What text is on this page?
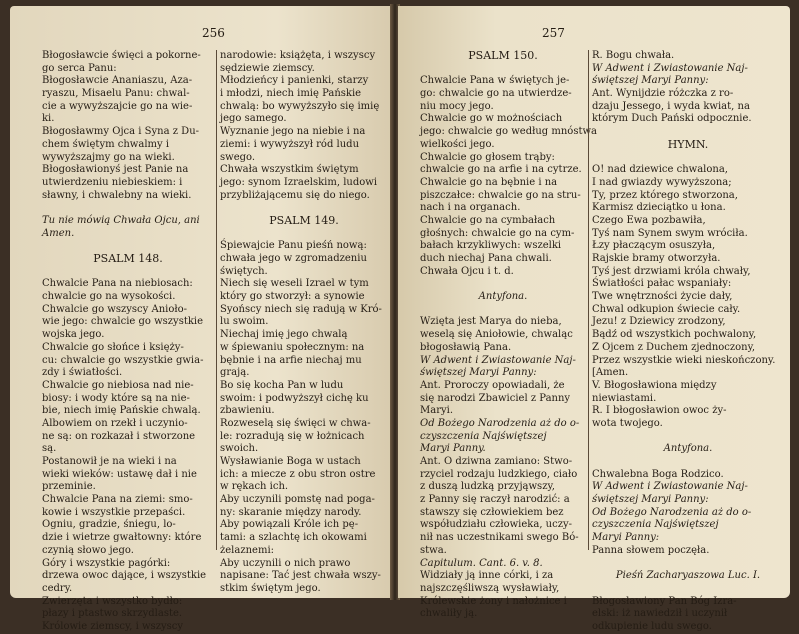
256
Błogosławcie święci a pokorne-
go serca Panu:
Błogosławcie Ananiaszu, Aza-
ryaszu, Misaelu Panu: chwal-
cie a wywyższajcie go na wie-
ki.
Błogosławmy Ojca i Syna z Du-
chem świętym chwalmy i
wywyższajmy go na wieki.
Błogosławionyś jest Panie na
utwierdzeniu niebieskiem: i
sławny, i chwalebny na wieki.
Tu nie mówią Chwała Ojcu, ani
Amen.
PSALM 148.
Chwalcie Pana na niebiosach:
chwalcie go na wysokości.
Chwalcie go wszyscy Anioło-
wie jego: chwalcie go wszystkie
wojska jego.
Chwalcie go słońce i księży-
cu: chwalcie go wszystkie gwia-
zdy i światłości.
Chwalcie go niebiosa nad nie-
biosy: i wody które są na nie-
bie, niech imię Pańskie chwalą.
Albowiem on rzekł i uczynio-
ne są: on rozkazał i stworzone
są.
Postanowił je na wieki i na
wieki wieków: ustawę dał i nie
przeminie.
Chwalcie Pana na ziemi: smo-
kowie i wszystkie przepaści.
Ogniu, gradzie, śniegu, lo-
dzie i wietrze gwałtowny: które
czynią słowo jego.
Góry i wszystkie pagórki:
drzewa owoc dające, i wszystkie
cedry.
Zwierzęta i wszystko bydło:
płazy i ptastwo skrzydlaste.
Królowie ziemscy, i wszyscy
narodowie: książęta, i wszyscy
sędziewie ziemscy.
Młodzieńcy i panienki, starzy
i młodzi, niech imię Pańskie
chwalą: bo wywyższyło się imię
jego samego.
Wyznanie jego na niebie i na
ziemi: i wywyższył ród ludu
swego.
Chwała wszystkim świętym
jego: synom Izraelskim, ludowi
przybliżającemu się do niego.
PSALM 149.
Śpiewajcie Panu pieśń nową:
chwała jego w zgromadzeniu
świętych.
Niech się weseli Izrael w tym
który go stworzył: a synowie
Syońscy niech się radują w Kró-
lu swoim.
Niechaj imię jego chwalą
w śpiewaniu społecznym: na
bębnie i na arfie niechaj mu
grają.
Bo się kocha Pan w ludu
swoim: i podwyższył cichę ku
zbawieniu.
Rozweselą się święci w chwa-
le: rozradują się w łożnicach
swoich.
Wysławianie Boga w ustach
ich: a miecze z obu stron ostre
w rękach ich.
Aby uczynili pomstę nad poga-
ny: skaranie między narody.
Aby powiązali Króle ich pę-
tami: a szlachtę ich okowami
żelaznemi:
Aby uczynili o nich prawo
napisane: Tać jest chwała wszy-
stkim świętym jego.
257
PSALM 150.
Chwalcie Pana w świętych je-
go: chwalcie go na utwierdze-
niu mocy jego.
Chwalcie go w możnościach
jego: chwalcie go według mnóstwa
wielkości jego.
Chwalcie go głosem trąby:
chwalcie go na arfie i na cytrze.
Chwalcie go na bębnie i na
piszczałce: chwalcie go na stru-
nach i na organach.
Chwalcie go na cymbałach
głośnych: chwalcie go na cym-
bałach krzykliwych: wszelki
duch niechaj Pana chwali.
Chwała Ojcu i t. d.
Antyfona.
Wzięta jest Marya do nieba,
weselą się Aniołowie, chwaląc
błogosławią Pana.
W Adwent i Zwiastowanie Naj-
świętszej Maryi Panny:
Ant. Proroczy opowiadali, że
się narodzi Zbawiciel z Panny
Maryi.
Od Bożego Narodzenia aż do o-
czyszczenia Najświętszej
Maryi Panny.
Ant. O dziwna zamiano: Stwo-
rzyciel rodzaju ludzkiego, ciało
z duszą ludzką przyjąwszy,
z Panny się raczył narodzić: a
stawszy się człowiekiem bez
współudziału człowieka, uczy-
nił nas uczestnikami swego Bó-
stwa.
Capitulum. Cant. 6. v. 8.
Widziały ją inne córki, i za
najszczęśliwszą wysławiały,
Królewskie żony i nałożnice i
chwaliły ją.
R. Bogu chwała.
W Adwent i Zwiastowanie Naj-
świętszej Maryi Panny:
Ant. Wynijdzie różczka z ro-
dzaju Jessego, i wyda kwiat, na
którym Duch Pański odpocznie.
HYMN.
O! nad dziewice chwalona,
I nad gwiazdy wywyższona;
Ty, przez którego stworzona,
Karmisz dzieciątko u łona.
Czego Ewa pozbawiła,
Tyś nam Synem swym wróciła.
Łzy płaczącym osuszyła,
Rajskie bramy otworzyła.
Tyś jest drzwiami króla chwały,
Światłości pałac wspaniały:
Twe wnętrzności życie dały,
Chwal odkupion świecie cały.
Jezu! z Dziewicy zrodzony,
Bądź od wszystkich pochwalony,
Z Ojcem z Duchem zjednoczony,
Przez wszystkie wieki nieskończony.
[Amen.
V. Błogosławiona między
niewiastami.
R. I błogosławion owoc ży-
wota twojego.
Antyfona.
Chwalebna Boga Rodzico.
W Adwent i Zwiastowanie Naj-
świętszej Maryi Panny:
Od Bożego Narodzenia aż do o-
czyszczenia Najświętszej
Maryi Panny:
Panna słowem poczęła.
Pieśń Zacharyaszowa Luc. I.
Błogosławiony Pan Bóg Izra-
elski: iż nawiedził i uczynił
odkupienie ludu swego.
